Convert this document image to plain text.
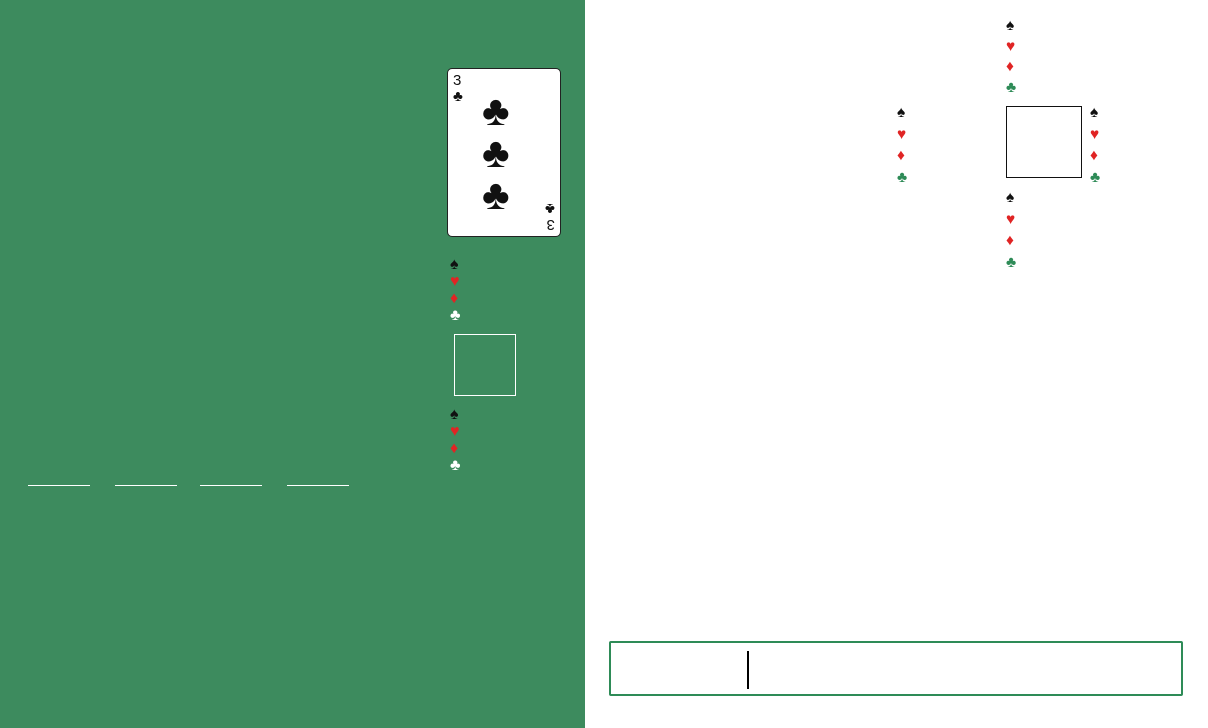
3
♣ ♣
♣
♣
3
♣
♠
♥
♦
♣
♠
♥
♦
♣
♠
♥
♦
♣
♠
♥
♦
♣
♠
♥
♦
♣
♠
♥
♦
♣
